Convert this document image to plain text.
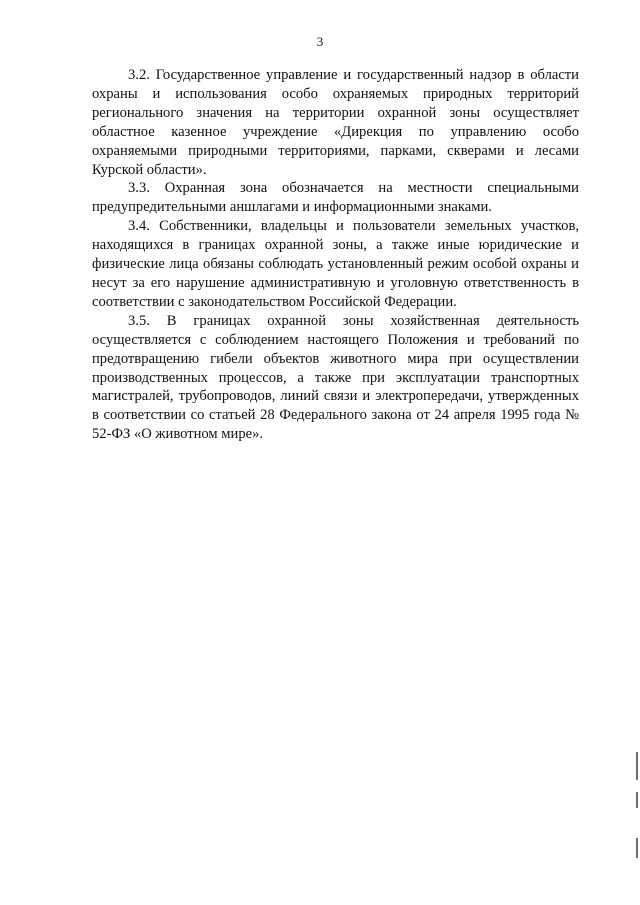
3

3.2. Государственное управление и государственный надзор в области охраны и использования особо охраняемых природных территорий регионального значения на территории охранной зоны осуществляет областное казенное учреждение «Дирекция по управлению особо охраняемыми природными территориями, парками, скверами и лесами Курской области».

3.3. Охранная зона обозначается на местности специальными предупредительными аншлагами и информационными знаками.

3.4. Собственники, владельцы и пользователи земельных участков, находящихся в границах охранной зоны, а также иные юридические и физические лица обязаны соблюдать установленный режим особой охраны и несут за его нарушение административную и уголовную ответственность в соответствии с законодательством Российской Федерации.

3.5. В границах охранной зоны хозяйственная деятельность осуществляется с соблюдением настоящего Положения и требований по предотвращению гибели объектов животного мира при осуществлении производственных процессов, а также при эксплуатации транспортных магистралей, трубопроводов, линий связи и электропередачи, утвержденных в соответствии со статьей 28 Федерального закона от 24 апреля 1995 года № 52-ФЗ «О животном мире».
